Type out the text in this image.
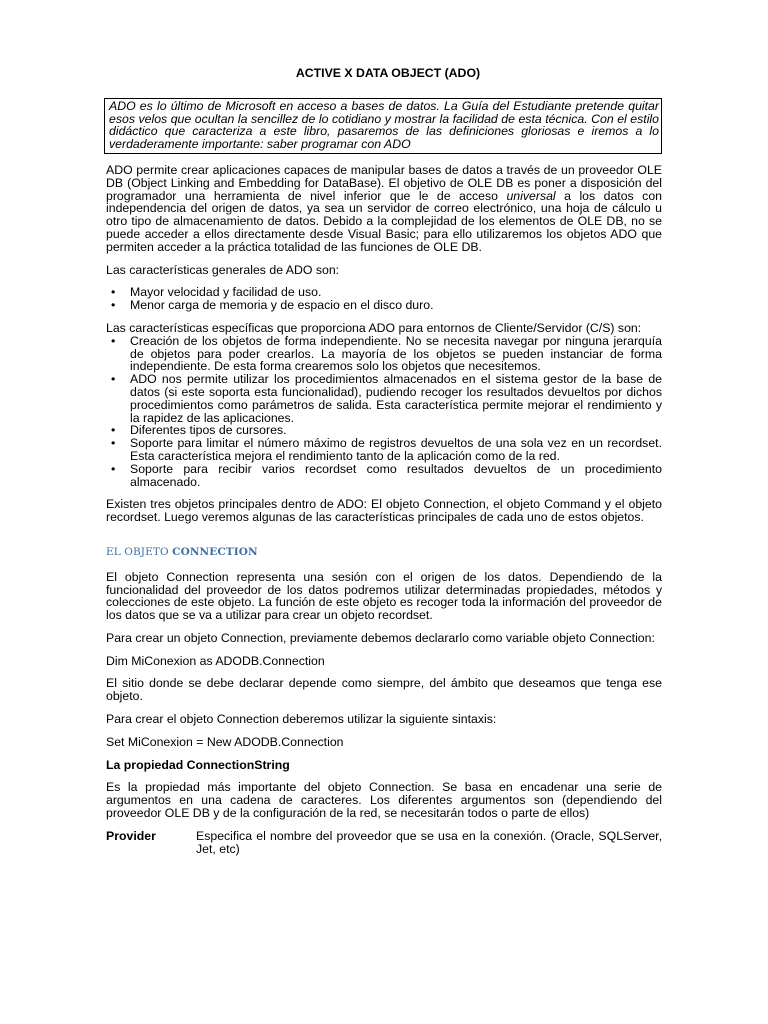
ACTIVE X DATA OBJECT (ADO)
ADO es lo último de Microsoft en acceso a bases de datos. La Guía del Estudiante pretende quitar esos velos que ocultan la sencillez de lo cotidiano y mostrar la facilidad de esta técnica. Con el estilo didáctico que caracteriza a este libro, pasaremos de las definiciones gloriosas e iremos a lo verdaderamente importante: saber programar con ADO

ADO permite crear aplicaciones capaces de manipular bases de datos a través de un proveedor OLE DB (Object Linking and Embedding for DataBase). El objetivo de OLE DB es poner a disposición del programador una herramienta de nivel inferior que le de acceso universal a los datos con independencia del origen de datos, ya sea un servidor de correo electrónico, una hoja de cálculo u otro tipo de almacenamiento de datos. Debido a la complejidad de los elementos de OLE DB, no se puede acceder a ellos directamente desde Visual Basic; para ello utilizaremos los objetos ADO que permiten acceder a la práctica totalidad de las funciones de OLE DB.

Las características generales de ADO son:

• Mayor velocidad y facilidad de uso.
• Menor carga de memoria y de espacio en el disco duro.

Las características específicas que proporciona ADO para entornos de Cliente/Servidor (C/S) son:

• Creación de los objetos de forma independiente. No se necesita navegar por ninguna jerarquía de objetos para poder crearlos. La mayoría de los objetos se pueden instanciar de forma independiente. De esta forma crearemos solo los objetos que necesitemos.
• ADO nos permite utilizar los procedimientos almacenados en el sistema gestor de la base de datos (si este soporta esta funcionalidad), pudiendo recoger los resultados devueltos por dichos procedimientos como parámetros de salida. Esta característica permite mejorar el rendimiento y la rapidez de las aplicaciones.
• Diferentes tipos de cursores.
• Soporte para limitar el número máximo de registros devueltos de una sola vez en un recordset. Esta característica mejora el rendimiento tanto de la aplicación como de la red.
• Soporte para recibir varios recordset como resultados devueltos de un procedimiento almacenado.

Existen tres objetos principales dentro de ADO: El objeto Connection, el objeto Command y el objeto recordset. Luego veremos algunas de las características principales de cada uno de estos objetos.

EL OBJETO CONNECTION

El objeto Connection representa una sesión con el origen de los datos. Dependiendo de la funcionalidad del proveedor de los datos podremos utilizar determinadas propiedades, métodos y colecciones de este objeto. La función de este objeto es recoger toda la información del proveedor de los datos que se va a utilizar para crear un objeto recordset.

Para crear un objeto Connection, previamente debemos declararlo como variable objeto Connection:

Dim MiConexion as ADODB.Connection

El sitio donde se debe declarar depende como siempre, del ámbito que deseamos que tenga ese objeto.

Para crear el objeto Connection deberemos utilizar la siguiente sintaxis:

Set MiConexion = New ADODB.Connection

La propiedad ConnectionString

Es la propiedad más importante del objeto Connection. Se basa en encadenar una serie de argumentos en una cadena de caracteres. Los diferentes argumentos son (dependiendo del proveedor OLE DB y de la configuración de la red, se necesitarán todos o parte de ellos)

Provider	Especifica el nombre del proveedor que se usa en la conexión. (Oracle, SQLServer, Jet, etc)
